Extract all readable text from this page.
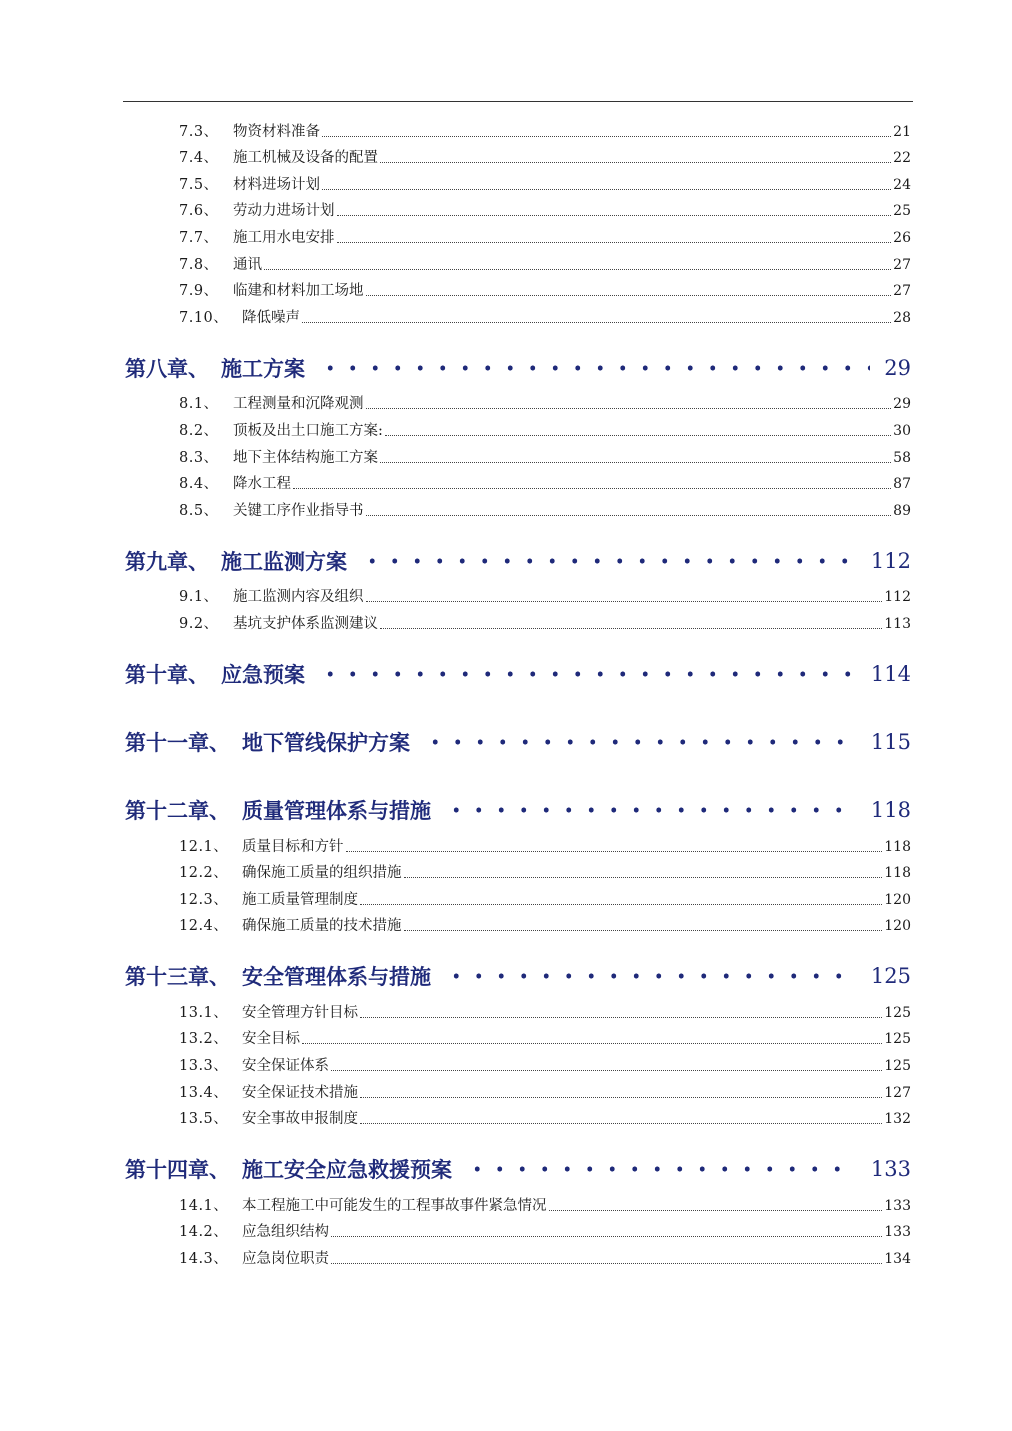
7.3、 物资材料准备	21
7.4、 施工机械及设备的配置	22
7.5、 材料进场计划	24
7.6、 劳动力进场计划	25
7.7、 施工用水电安排	26
7.8、 通讯	27
7.9、 临建和材料加工场地	27
7.10、 降低噪声	28
第八章、 施工方案	29
8.1、 工程测量和沉降观测	29
8.2、 顶板及出土口施工方案:	30
8.3、 地下主体结构施工方案	58
8.4、 降水工程	87
8.5、 关键工序作业指导书	89
第九章、 施工监测方案	112
9.1、 施工监测内容及组织	112
9.2、 基坑支护体系监测建议	113
第十章、 应急预案	114
第十一章、 地下管线保护方案	115
第十二章、 质量管理体系与措施	118
12.1、 质量目标和方针	118
12.2、 确保施工质量的组织措施	118
12.3、 施工质量管理制度	120
12.4、 确保施工质量的技术措施	120
第十三章、 安全管理体系与措施	125
13.1、 安全管理方针目标	125
13.2、 安全目标	125
13.3、 安全保证体系	125
13.4、 安全保证技术措施	127
13.5、 安全事故申报制度	132
第十四章、 施工安全应急救援预案	133
14.1、 本工程施工中可能发生的工程事故事件紧急情况	133
14.2、 应急组织结构	133
14.3、 应急岗位职责	134
